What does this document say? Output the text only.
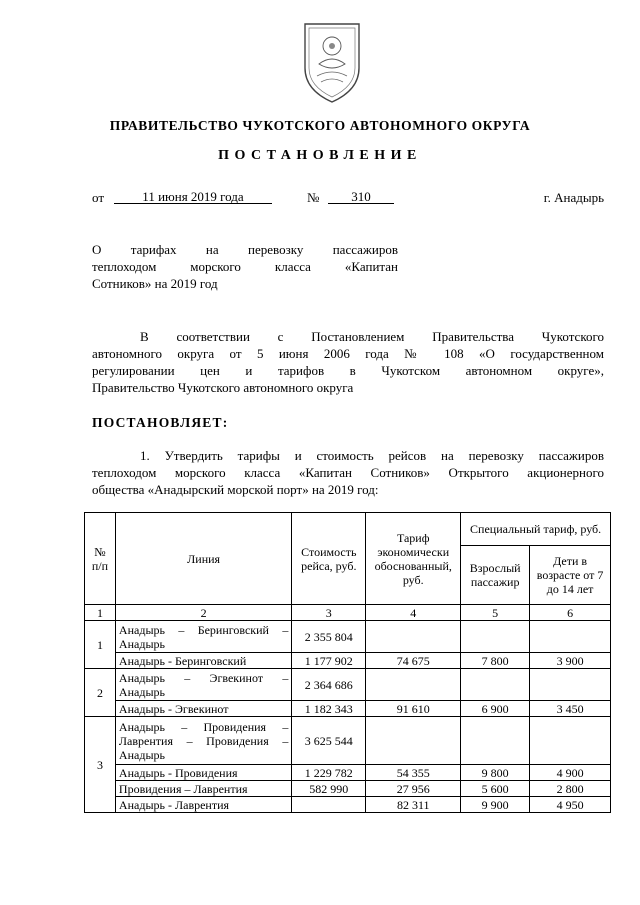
ПРАВИТЕЛЬСТВО ЧУКОТСКОГО АВТОНОМНОГО ОКРУГА
ПОСТАНОВЛЕНИЕ
от	11 июня 2019 года	№	310	г. Анадырь

О тарифах на перевозку пассажиров

теплоходом морского класса «Капитан

Сотников» на 2019 год

В соответствии с Постановлением Правительства Чукотского

автономного округа от 5 июня 2006 года № 108 «О государственном

регулировании цен и тарифов в Чукотском автономном округе»,

Правительство Чукотского автономного округа

ПОСТАНОВЛЯЕТ:

1. Утвердить тарифы и стоимость рейсов на перевозку пассажиров

теплоходом морского класса «Капитан Сотников» Открытого акционерного

общества «Анадырский морской порт» на 2019 год:

№ п/п	Линия	Стоимость рейса, руб.	Тариф экономически обоснованный, руб.	Специальный тариф, руб.	
				Взрослый пассажир	Дети в возрасте от 7 до 14 лет
1	2	3	4	5	6
1	Анадырь – Беринговский – Анадырь	2 355 804			
	Анадырь - Беринговский	1 177 902	74 675	7 800	3 900
2	Анадырь – Эгвекинот – Анадырь	2 364 686			
	Анадырь - Эгвекинот	1 182 343	91 610	6 900	3 450
3	Анадырь – Провидения – Лаврентия – Провидения – Анадырь	3 625 544			
	Анадырь - Провидения	1 229 782	54 355	9 800	4 900
	Провидения – Лаврентия	582 990	27 956	5 600	2 800
	Анадырь - Лаврентия		82 311	9 900	4 950
